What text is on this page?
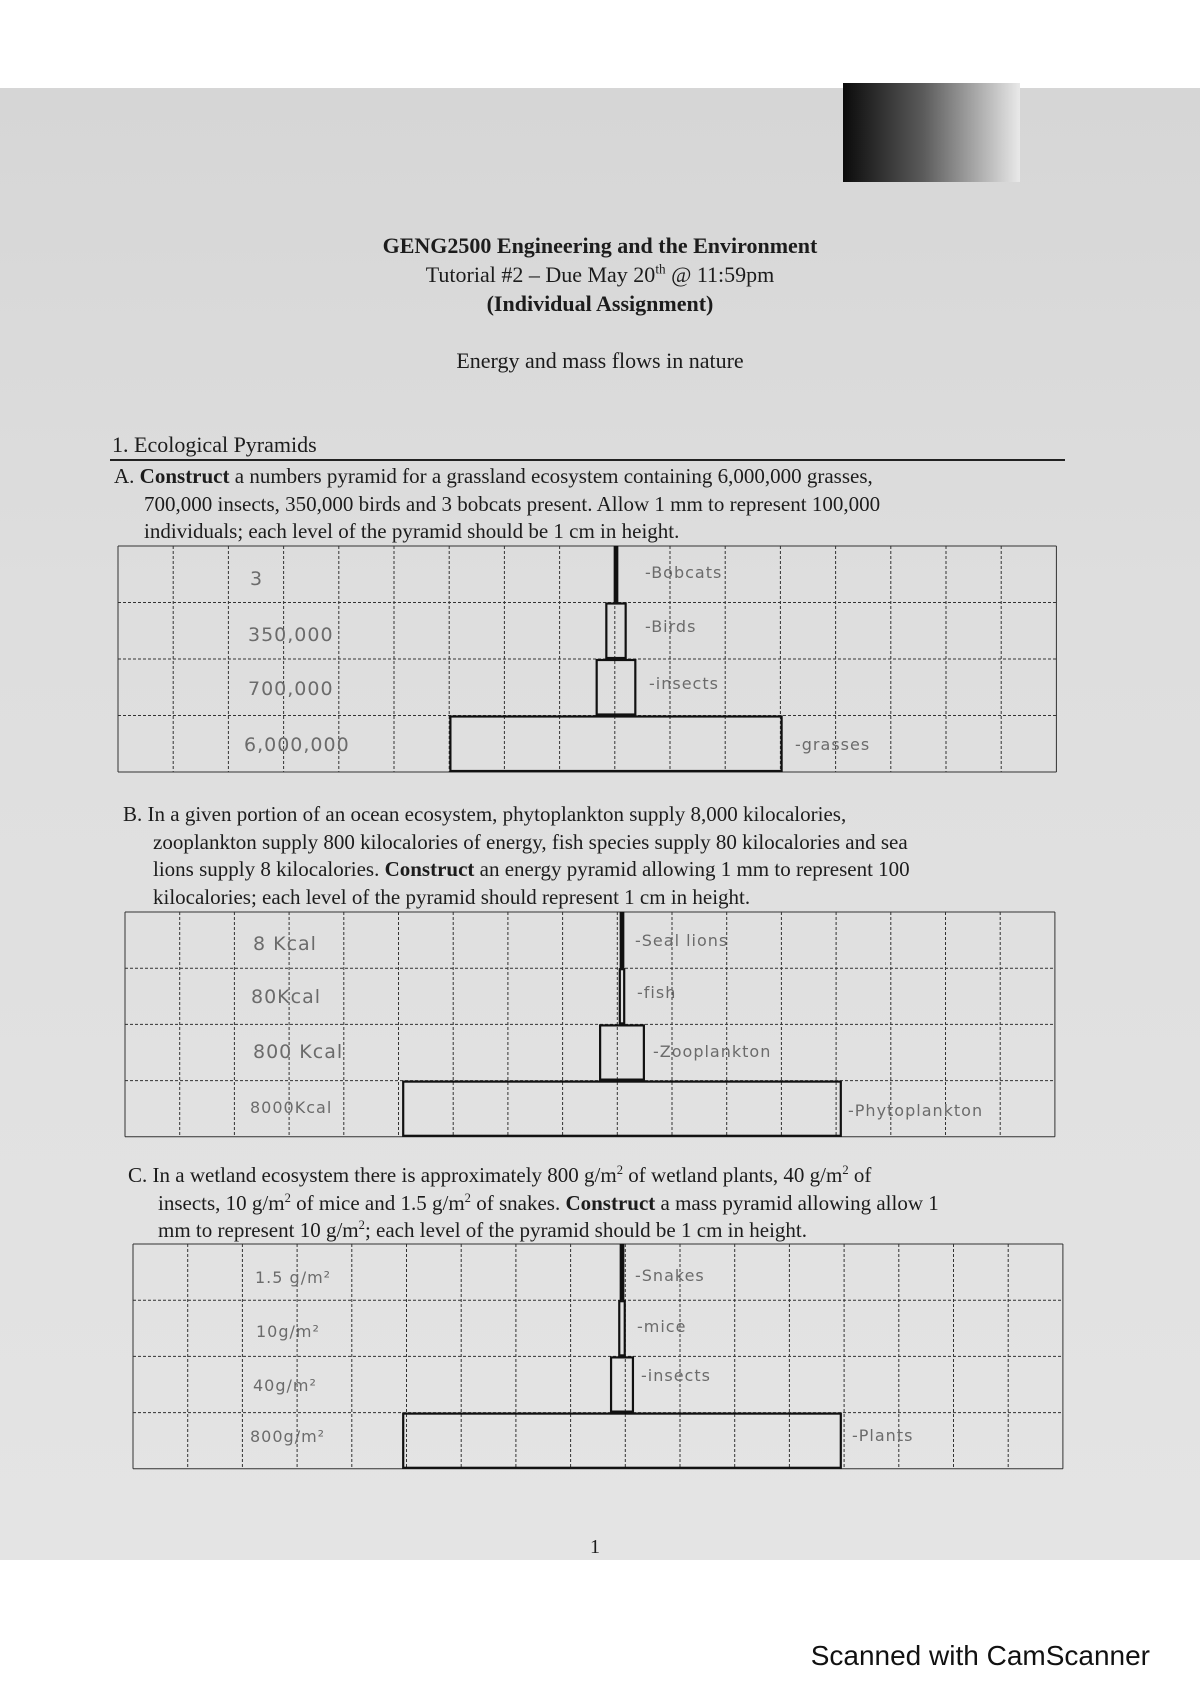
GENG2500 Engineering and the Environment
Tutorial #2 – Due May 20th @ 11:59pm
(Individual Assignment)
Energy and mass flows in nature
1. Ecological Pyramids
A. Construct a numbers pyramid for a grassland ecosystem containing 6,000,000 grasses,
700,000 insects, 350,000 birds and 3 bobcats present. Allow 1 mm to represent 100,000
individuals; each level of the pyramid should be 1 cm in height.
3
350,000
700,000
6,000,000
-Bobcats
-Birds
-insects
-grasses
B. In a given portion of an ocean ecosystem, phytoplankton supply 8,000 kilocalories,
zooplankton supply 800 kilocalories of energy, fish species supply 80 kilocalories and sea
lions supply 8 kilocalories. Construct an energy pyramid allowing 1 mm to represent 100
kilocalories; each level of the pyramid should represent 1 cm in height.
8 Kcal
80Kcal
800 Kcal
8000Kcal
-Seal lions
-fish
-Zooplankton
-Phytoplankton
C. In a wetland ecosystem there is approximately 800 $g/m^2$ of wetland plants, 40 $g/m^2$ of
insects, 10 $g/m^2$ of mice and 1.5 $g/m^2$ of snakes. Construct a mass pyramid allowing allow 1
mm to represent 10 $g/m^2$; each level of the pyramid should be 1 cm in height.
1.5 g/m²
10g/m²
40g/m²
800g/m²
-Snakes
-mice
-insects
-Plants
1
Scanned with CamScanner
